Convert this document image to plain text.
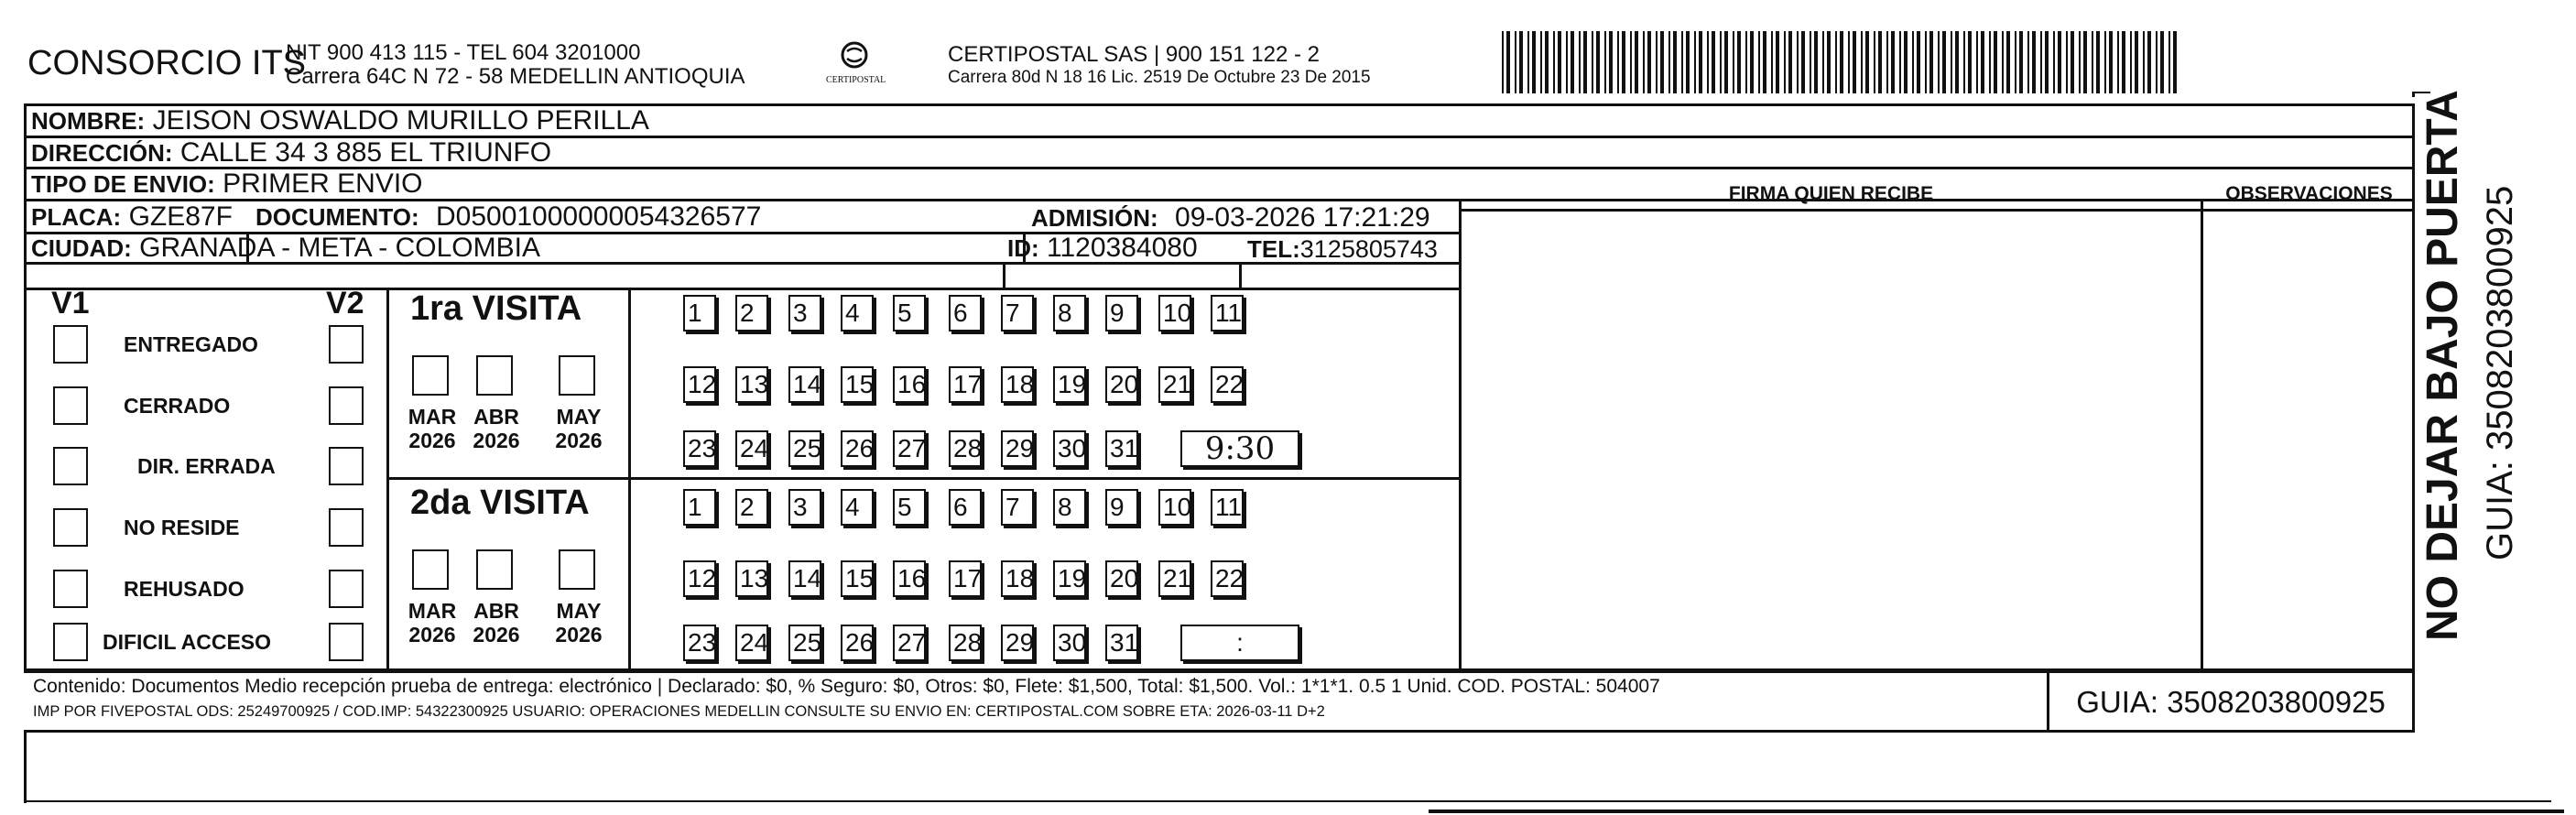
CONSORCIO ITS
NIT 900 413 115 - TEL 604 3201000
Carrera 64C N 72 - 58 MEDELLIN ANTIOQUIA	CERTIPOSTAL
CERTIPOSTAL SAS | 900 151 122 - 2
Carrera 80d N 18 16 Lic. 2519 De Octubre 23 De 2015
NOMBRE: JEISON OSWALDO MURILLO PERILLA
DIRECCIÓN: CALLE 34 3 885 EL TRIUNFO
TIPO DE ENVIO: PRIMER ENVIO
PLACA: GZE87F DOCUMENTO: D05001000000054326577	ADMISIÓN: 09-03-2026 17:21:29
CIUDAD: GRANADA - META - COLOMBIA	ID: 1120384080 TEL:3125805743
FIRMA QUIEN RECIBE	OBSERVACIONES
V1	V2
ENTREGADO
CERRADO
DIR. ERRADA
NO RESIDE
REHUSADO
DIFICIL ACCESO
1ra VISITA
MAR
2026
ABR
2026
MAY
2026
1	2	3	4	5	6	7	8	9	10 11
12 13 14 15 16 17 18 19 20 21 22
23 24 25 26 27 28 29 30 31	9:30
2da VISITA
MAR
2026
ABR
2026
MAY
2026
1	2	3	4	5	6	7	8	9	10 11
12 13 14 15 16 17 18 19 20 21 22
23 24 25 26 27 28 29 30 31	:
Contenido: Documentos Medio recepción prueba de entrega: electrónico | Declarado: $0, % Seguro: $0, Otros: $0, Flete: $1,500, Total: $1,500. Vol.: 1*1*1. 0.5 1 Unid. COD. POSTAL: 504007
IMP POR FIVEPOSTAL ODS: 25249700925 / COD.IMP: 54322300925 USUARIO: OPERACIONES MEDELLIN CONSULTE SU ENVIO EN: CERTIPOSTAL.COM SOBRE ETA: 2026-03-11 D+2	GUIA: 3508203800925
NO DEJAR BAJO PUERTA GUIA: 3508203800925
